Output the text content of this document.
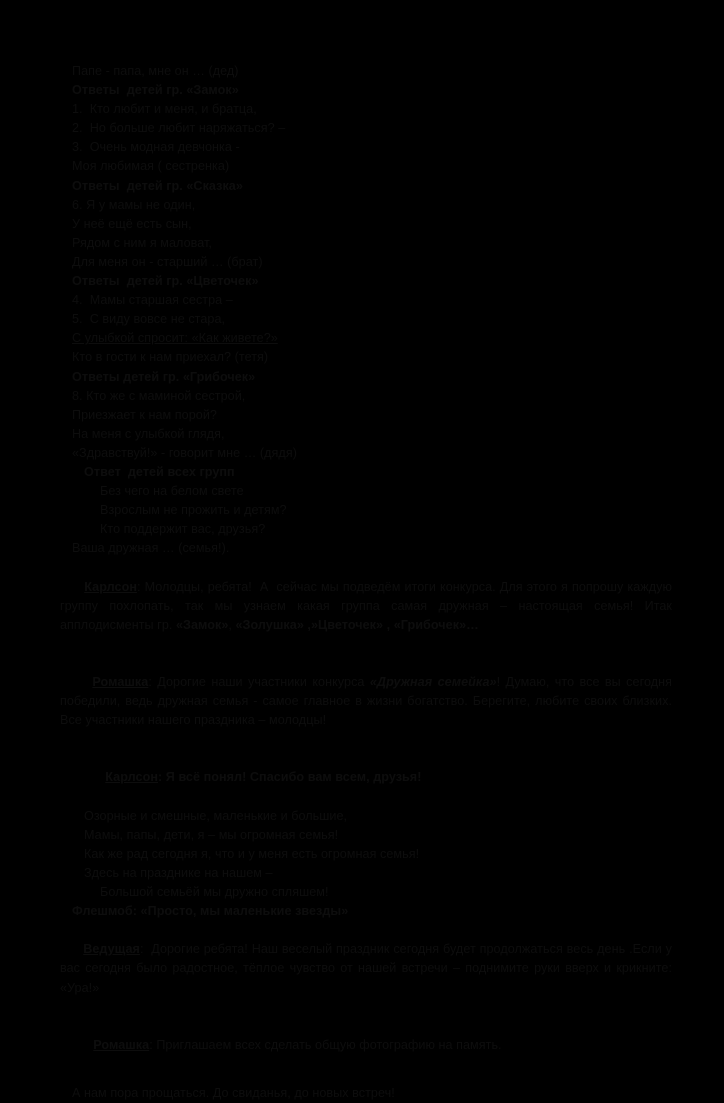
Папе - папа, мне он … (дед)
Ответы  детей гр. «Замок»
1.  Кто любит и меня, и братца,
2.  Но больше любит наряжаться? –
3.  Очень модная девчонка -
Моя любимая ( сестренка)
Ответы  детей гр. «Сказка»
6. Я у мамы не один,
У неё ещё есть сын,
Рядом с ним я маловат,
Для меня он - старший … (брат)
Ответы  детей гр. «Цветочек»
4.  Мамы старшая сестра –
5.  С виду вовсе не стара,
С улыбкой спросит: «Как живете?»
Кто в гости к нам приехал? (тетя)
Ответы детей гр. «Грибочек»
8. Кто же с маминой сестрой,
Приезжает к нам порой?
На меня с улыбкой глядя,
«Здравствуй!» - говорит мне … (дядя)
Ответ  детей всех групп
Без чего на белом свете
Взрослым не прожить и детям?
Кто поддержит вас, друзья?
Ваша дружная … (семья!).

Карлсон: Молодцы, ребята!  А  сейчас мы подведём итоги конкурса. Для этого я попрошу каждую группу похлопать, так мы узнаем какая группа самая дружная – настоящая семья! Итак апплодисменты гр. «Замок», «Золушка» ,»Цветочек» , «Грибочек»…

Ромашка: Дорогие наши участники конкурса «Дружная семейка»! Думаю, что все вы сегодня победили, ведь дружная семья - самое главное в жизни богатство. Берегите, любите своих близких. Все участники нашего праздника – молодцы!

Карлсон: Я всё понял! Спасибо вам всем, друзья!

Озорные и смешные, маленькие и большие,
Мамы, папы, дети, я – мы огромная семья!
Как же рад сегодня я, что и у меня есть огромная семья!
Здесь на празднике на нашем –
Большой семьёй мы дружно спляшем!
Флешмоб: «Просто, мы маленькие звезды»

Ведущая:  Дорогие ребята! Наш веселый праздник сегодня будет продолжаться весь день .Если у вас сегодня было радостное, тёплое чувство от нашей встречи – поднимите руки вверх и крикните: «Ура!»

Ромашка: Приглашаем всех сделать общую фотографию на память.

А нам пора прощаться. До свиданья, до новых встреч!
